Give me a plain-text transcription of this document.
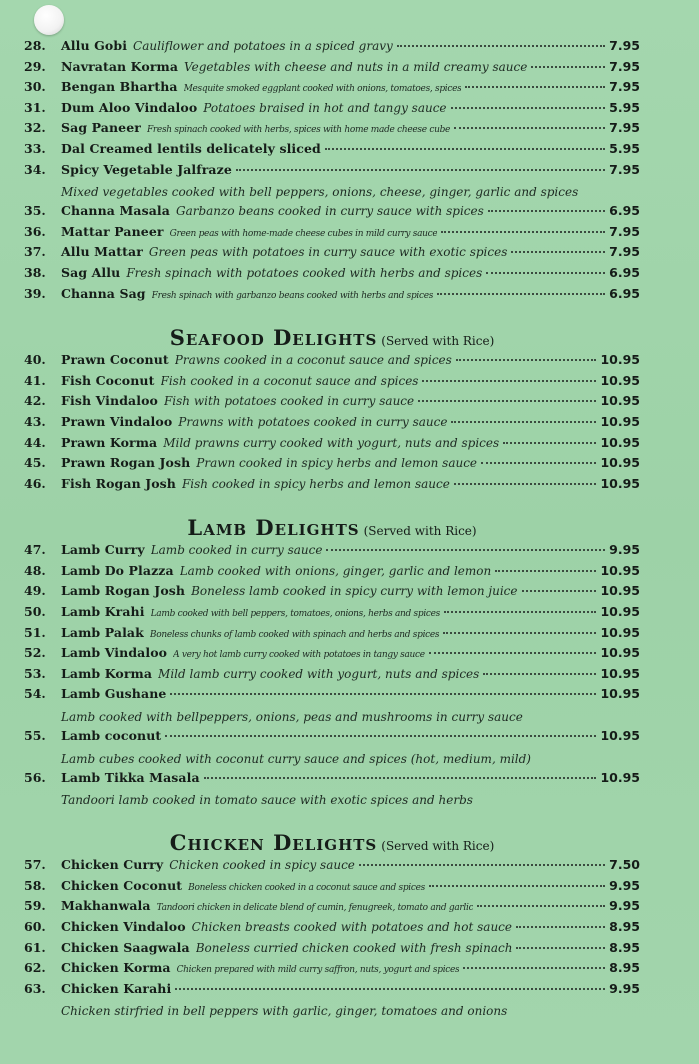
28.	Allu Gobi Cauliflower and potatoes in a spiced gravy	7.95
29.	Navratan Korma Vegetables with cheese and nuts in a mild creamy sauce	7.95
30.	Bengan Bhartha Mesquite smoked eggplant cooked with onions, tomatoes, spices	7.95
31.	Dum Aloo Vindaloo Potatoes braised in hot and tangy sauce	5.95
32.	Sag Paneer Fresh spinach cooked with herbs, spices with home made cheese cube	7.95
33.	Dal Creamed lentils delicately sliced	5.95
34.	Spicy Vegetable Jalfraze	7.95
Mixed vegetables cooked with bell peppers, onions, cheese, ginger, garlic and spices
35.	Channa Masala Garbanzo beans cooked in curry sauce with spices	6.95
36.	Mattar Paneer Green peas with home-made cheese cubes in mild curry sauce	7.95
37.	Allu Mattar Green peas with potatoes in curry sauce with exotic spices	7.95
38.	Sag Allu Fresh spinach with potatoes cooked with herbs and spices	6.95
39.	Channa Sag Fresh spinach with garbanzo beans cooked with herbs and spices	6.95
Seafood Delights (Served with Rice)
40.	Prawn Coconut Prawns cooked in a coconut sauce and spices	10.95
41.	Fish Coconut Fish cooked in a coconut sauce and spices	10.95
42.	Fish Vindaloo Fish with potatoes cooked in curry sauce	10.95
43.	Prawn Vindaloo Prawns with potatoes cooked in curry sauce	10.95
44.	Prawn Korma Mild prawns curry cooked with yogurt, nuts and spices	10.95
45.	Prawn Rogan Josh Prawn cooked in spicy herbs and lemon sauce	10.95
46.	Fish Rogan Josh Fish cooked in spicy herbs and lemon sauce	10.95
Lamb Delights (Served with Rice)
47.	Lamb Curry Lamb cooked in curry sauce	9.95
48.	Lamb Do Plazza Lamb cooked with onions, ginger, garlic and lemon	10.95
49.	Lamb Rogan Josh Boneless lamb cooked in spicy curry with lemon juice	10.95
50.	Lamb Krahi Lamb cooked with bell peppers, tomatoes, onions, herbs and spices	10.95
51.	Lamb Palak Boneless chunks of lamb cooked with spinach and herbs and spices	10.95
52.	Lamb Vindaloo A very hot lamb curry cooked with potatoes in tangy sauce	10.95
53.	Lamb Korma Mild lamb curry cooked with yogurt, nuts and spices	10.95
54.	Lamb Gushane	10.95
Lamb cooked with bellpeppers, onions, peas and mushrooms in curry sauce
55.	Lamb coconut	10.95
Lamb cubes cooked with coconut curry sauce and spices (hot, medium, mild)
56.	Lamb Tikka Masala	10.95
Tandoori lamb cooked in tomato sauce with exotic spices and herbs
Chicken Delights (Served with Rice)
57.	Chicken Curry Chicken cooked in spicy sauce	7.50
58.	Chicken Coconut Boneless chicken cooked in a coconut sauce and spices	9.95
59.	Makhanwala Tandoori chicken in delicate blend of cumin, fenugreek, tomato and garlic	9.95
60.	Chicken Vindaloo Chicken breasts cooked with potatoes and hot sauce	8.95
61.	Chicken Saagwala Boneless curried chicken cooked with fresh spinach	8.95
62.	Chicken Korma Chicken prepared with mild curry saffron, nuts, yogurt and spices	8.95
63.	Chicken Karahi	9.95
Chicken stirfried in bell peppers with garlic, ginger, tomatoes and onions
